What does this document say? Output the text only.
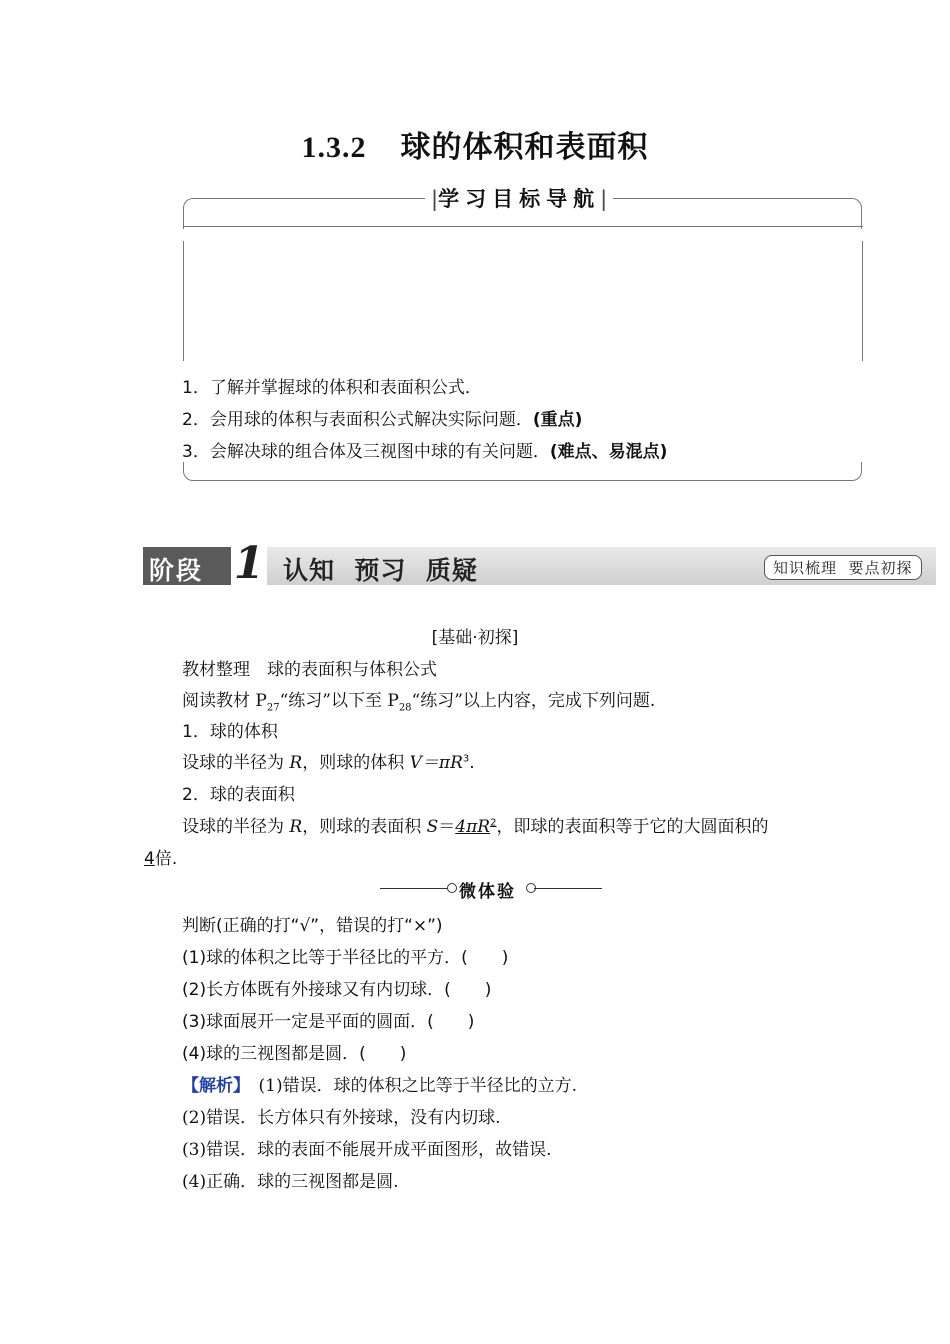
1.3.2 球的体积和表面积
| 学习目标导航 |
1．了解并掌握球的体积和表面积公式．
2．会用球的体积与表面积公式解决实际问题．(重点)
3．会解决球的组合体及三视图中球的有关问题．(难点、易混点)
阶段 1 认知  预习  质疑	知识梳理  要点初探
[基础·初探]
教材整理　球的表面积与体积公式
阅读教材 $P_{27}“$练习”以下至 $P_{28}“$练习”以上内容，完成下列问题.
1．球的体积
设球的半径为 R，则球的体积 $V=\pi R^3$.
2．球的表面积
设球的半径为 R，则球的表面积 $S=4\pi R^2$，即球的表面积等于它的大圆面积的
4倍.
微体验
判断(正确的打“√”，错误的打“×”)
(1)球的体积之比等于半径比的平方．(　　)
(2)长方体既有外接球又有内切球．(　　)
(3)球面展开一定是平面的圆面．(　　)
(4)球的三视图都是圆．(　　)
【解析】　(1)错误．球的体积之比等于半径比的立方.
(2)错误．长方体只有外接球，没有内切球.
(3)错误．球的表面不能展开成平面图形，故错误.
(4)正确．球的三视图都是圆.
